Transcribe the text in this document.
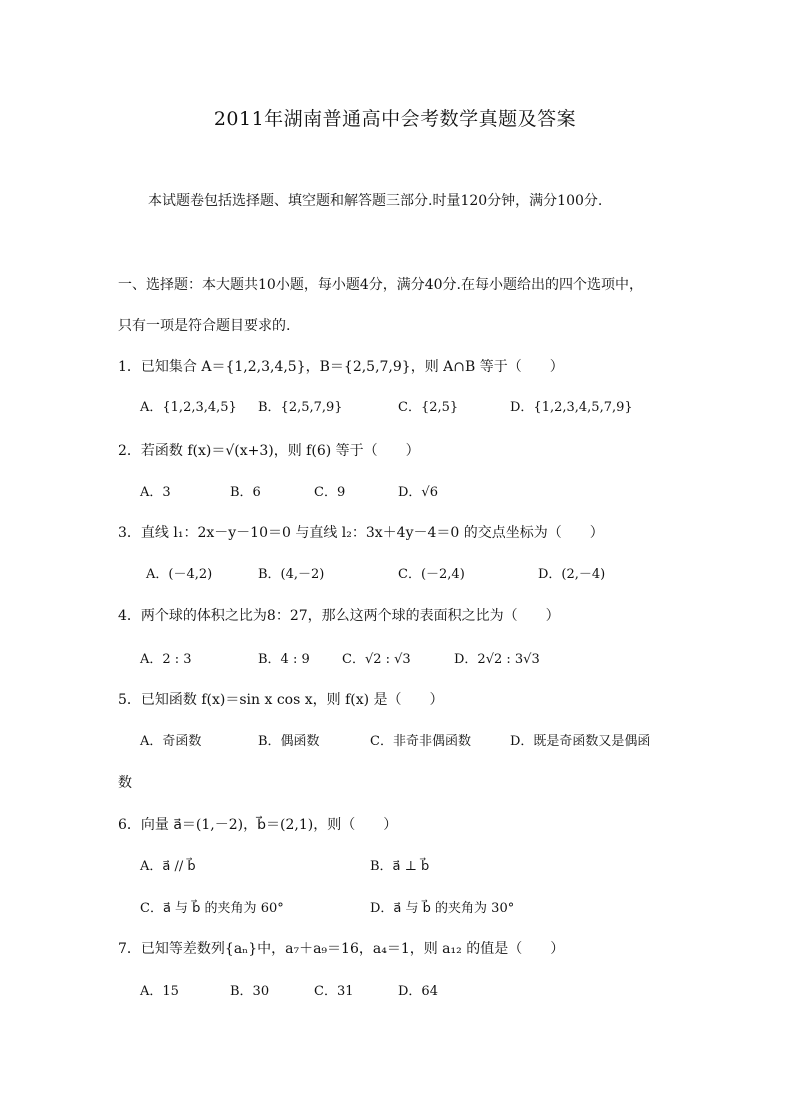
2011年湖南普通高中会考数学真题及答案
本试题卷包括选择题、填空题和解答题三部分.时量120分钟，满分100分.
一、选择题：本大题共10小题，每小题4分，满分40分.在每小题给出的四个选项中，
只有一项是符合题目要求的.
1．已知集合 A＝{1,2,3,4,5}，B＝{2,5,7,9}，则 A∩B 等于（　　）
A．{1,2,3,4,5} B．{2,5,7,9}	C．{2,5}	D．{1,2,3,4,5,7,9}
2．若函数 f(x)＝√(x+3)，则 f(6) 等于（　　）
A．3	B．6	C．9	D．√6
3．直线 l₁：2x－y－10＝0 与直线 l₂：3x＋4y－4＝0 的交点坐标为（　　）
A．(－4,2)	B．(4,－2)	C．(－2,4)	D．(2,－4)
4．两个球的体积之比为8：27，那么这两个球的表面积之比为（　　）
A．2 : 3	B．4 : 9 C．√2 : √3	D．2√2 : 3√3
5．已知函数 f(x)＝sin x cos x，则 f(x) 是（　　）
A．奇函数	B．偶函数	C．非奇非偶函数	D．既是奇函数又是偶函
数
6．向量 a⃗＝(1,－2)，b⃗＝(2,1)，则（　　）
A．a⃗ // b⃗	B．a⃗ ⊥ b⃗
C．a⃗ 与 b⃗ 的夹角为 60°	D．a⃗ 与 b⃗ 的夹角为 30°
7．已知等差数列{aₙ}中，a₇＋a₉＝16，a₄＝1，则 a₁₂ 的值是（　　）
A．15	B．30	C．31	D．64
